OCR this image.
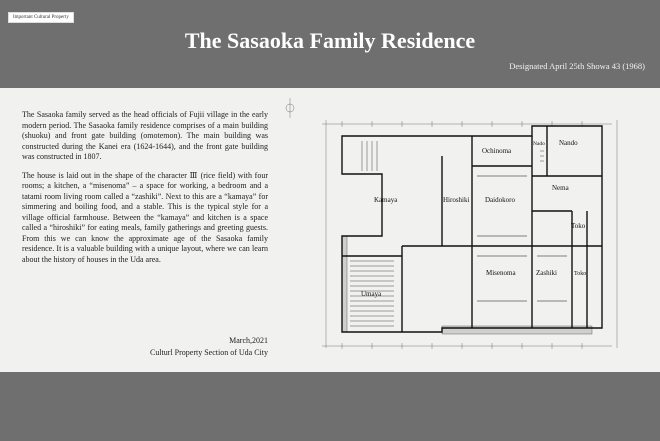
Important Cultural Property
The Sasaoka Family Residence
Designated April 25th Showa 43 (1968)

The Sasaoka family served as the head officials of Fujii village in the early modern period. The Sasaoka family residence comprises of a main building (shuoku) and front gate building (omotemon). The main building was constructed during the Kanei era (1624-1644), and the front gate building was constructed in 1807.

The house is laid out in the shape of the character Ⅲ (rice field) with four rooms; a kitchen, a “misenoma” – a space for working, a bedroom and a tatami room living room called a “zashiki”. Next to this are a “kamaya” for simmering and boiling food, and a stable. This is the typical style for a village official farmhouse. Between the “kamaya” and kitchen is a space called a “hiroshiki” for eating meals, family gatherings and greeting guests. From this we can know the approximate age of the Sasaoka family residence. It is a valuable building with a unique layout, where we can learn about the history of houses in the Uda area.

March,2021
Culturl Property Section of Uda City
Ochinoma
Nado Nando
Kamaya	Hiroshiki Daidokoro
Nema
Toko
Umaya
Misenoma	Zashiki	Toko
